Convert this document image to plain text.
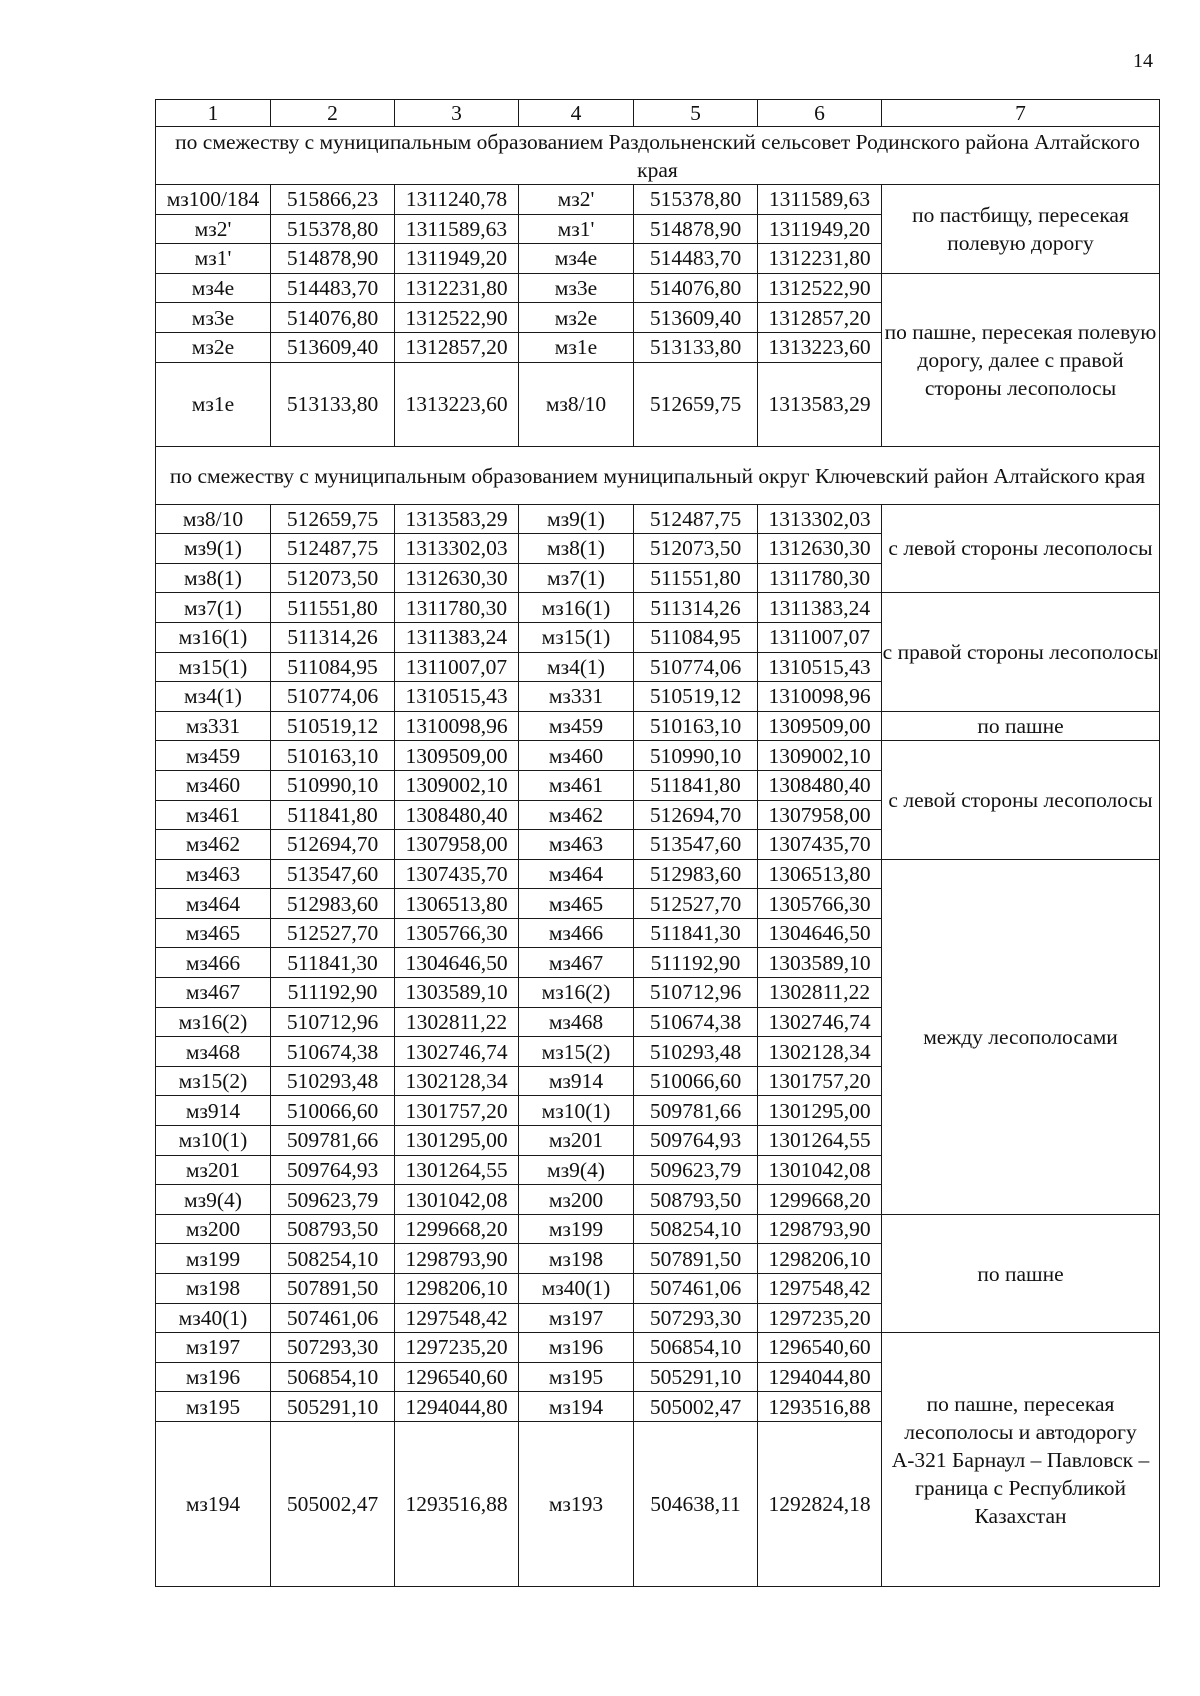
14
1	2	3	4	5	6	7
по смежеству с муниципальным образованием Раздольненский сельсовет Родинского района Алтайского края						
мз100/184	515866,23	1311240,78	мз2'	515378,80	1311589,63	по пастбищу, пересекая полевую дорогу
мз2'	515378,80	1311589,63	мз1'	514878,90	1311949,20	
мз1'	514878,90	1311949,20	мз4е	514483,70	1312231,80	
мз4е	514483,70	1312231,80	мз3е	514076,80	1312522,90	по пашне, пересекая полевую дорогу, далее с правой стороны лесополосы
мз3е	514076,80	1312522,90	мз2е	513609,40	1312857,20	
мз2е	513609,40	1312857,20	мз1е	513133,80	1313223,60	
мз1е	513133,80	1313223,60	мз8/10	512659,75	1313583,29	
по смежеству с муниципальным образованием муниципальный округ Ключевский район Алтайского края						
мз8/10	512659,75	1313583,29	мз9(1)	512487,75	1313302,03	с левой стороны лесополосы
мз9(1)	512487,75	1313302,03	мз8(1)	512073,50	1312630,30	
мз8(1)	512073,50	1312630,30	мз7(1)	511551,80	1311780,30	
мз7(1)	511551,80	1311780,30	мз16(1)	511314,26	1311383,24	с правой стороны лесополосы
мз16(1)	511314,26	1311383,24	мз15(1)	511084,95	1311007,07	
мз15(1)	511084,95	1311007,07	мз4(1)	510774,06	1310515,43	
мз4(1)	510774,06	1310515,43	мз331	510519,12	1310098,96	
мз331	510519,12	1310098,96	мз459	510163,10	1309509,00	по пашне
мз459	510163,10	1309509,00	мз460	510990,10	1309002,10	с левой стороны лесополосы
мз460	510990,10	1309002,10	мз461	511841,80	1308480,40	
мз461	511841,80	1308480,40	мз462	512694,70	1307958,00	
мз462	512694,70	1307958,00	мз463	513547,60	1307435,70	
мз463	513547,60	1307435,70	мз464	512983,60	1306513,80	между лесополосами
мз464	512983,60	1306513,80	мз465	512527,70	1305766,30	
мз465	512527,70	1305766,30	мз466	511841,30	1304646,50	
мз466	511841,30	1304646,50	мз467	511192,90	1303589,10	
мз467	511192,90	1303589,10	мз16(2)	510712,96	1302811,22	
мз16(2)	510712,96	1302811,22	мз468	510674,38	1302746,74	
мз468	510674,38	1302746,74	мз15(2)	510293,48	1302128,34	
мз15(2)	510293,48	1302128,34	мз914	510066,60	1301757,20	
мз914	510066,60	1301757,20	мз10(1)	509781,66	1301295,00	
мз10(1)	509781,66	1301295,00	мз201	509764,93	1301264,55	
мз201	509764,93	1301264,55	мз9(4)	509623,79	1301042,08	
мз9(4)	509623,79	1301042,08	мз200	508793,50	1299668,20	
мз200	508793,50	1299668,20	мз199	508254,10	1298793,90	по пашне
мз199	508254,10	1298793,90	мз198	507891,50	1298206,10	
мз198	507891,50	1298206,10	мз40(1)	507461,06	1297548,42	
мз40(1)	507461,06	1297548,42	мз197	507293,30	1297235,20	
мз197	507293,30	1297235,20	мз196	506854,10	1296540,60	по пашне, пересекая лесополосы и автодорогу А-321 Барнаул – Павловск – граница с Республикой Казахстан
мз196	506854,10	1296540,60	мз195	505291,10	1294044,80	
мз195	505291,10	1294044,80	мз194	505002,47	1293516,88	
мз194	505002,47	1293516,88	мз193	504638,11	1292824,18	
